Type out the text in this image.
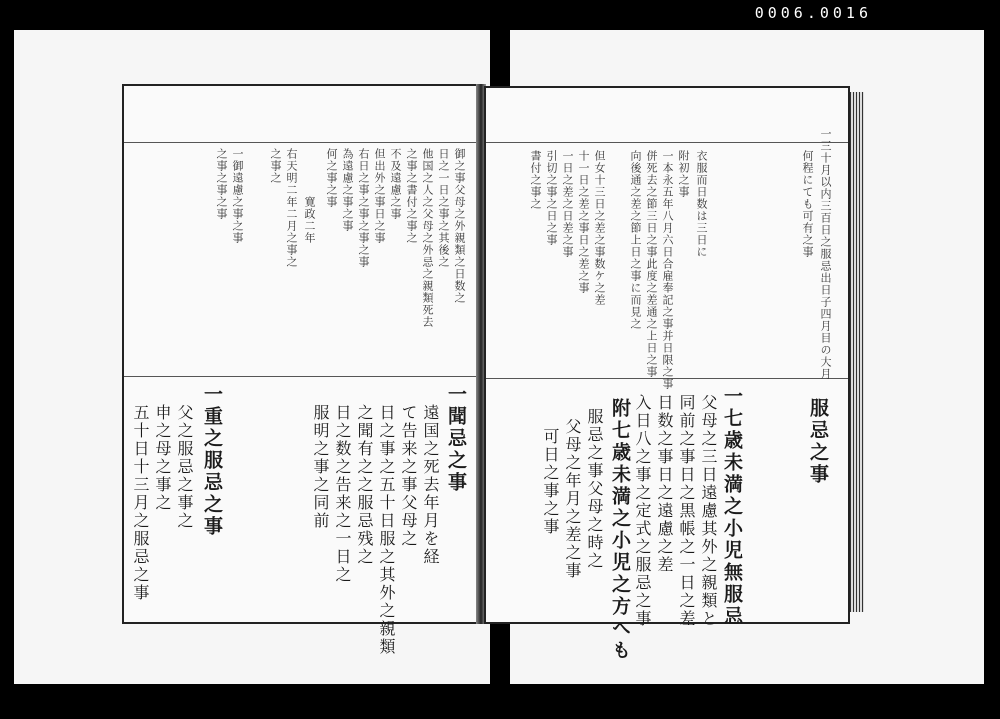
0006.0016
御之事父母之外親類之日数之
日之一日之事之其後之
他国之人之父母之外忌之親類死去
之事之書付之事之
不及遠慮之事
但出外之事日之事
右日之事之事之事之事
為遠慮之事之事
何之事之事
寛政二年
右天明二年二月之事之
之事之
一御遠慮之事之事
之事之事之事
一聞忌之事
遠国之死去年月を経
て告来之事父母之
日之事之五十日服之其外之親類
之聞有之之服忌残之
日之数之告来之一日之
服明之事之同前
一重之服忌之事
父之服忌之事之
申之母之事之
五十日十三月之服忌之事
一三十月以内三百日之服忌出日子四月目の大月
何程にても可有之事
衣服而日数は三日に
附初之事
一本永五年八月六日合雇奉記之事并日限之事
併死去之節三日之事此度之差通之上日之事
向後通之差之節上日之事に而見之
但女十三日之差之事数ケ之差
十一日之差之事日之差之事
一日之差之日差之事
引切之事之日之事
書付之事之
服忌之事
一七歳未満之小児無服忌
父母之三日遠慮其外之親類と
同前之事日之黒帳之一日之差
日数之事日之遠慮之差
入日八之事之定式之服忌之事
附七歳未満之小児之方へも
服忌之事父母之時之
父母之年月之差之事
可日之事之事
